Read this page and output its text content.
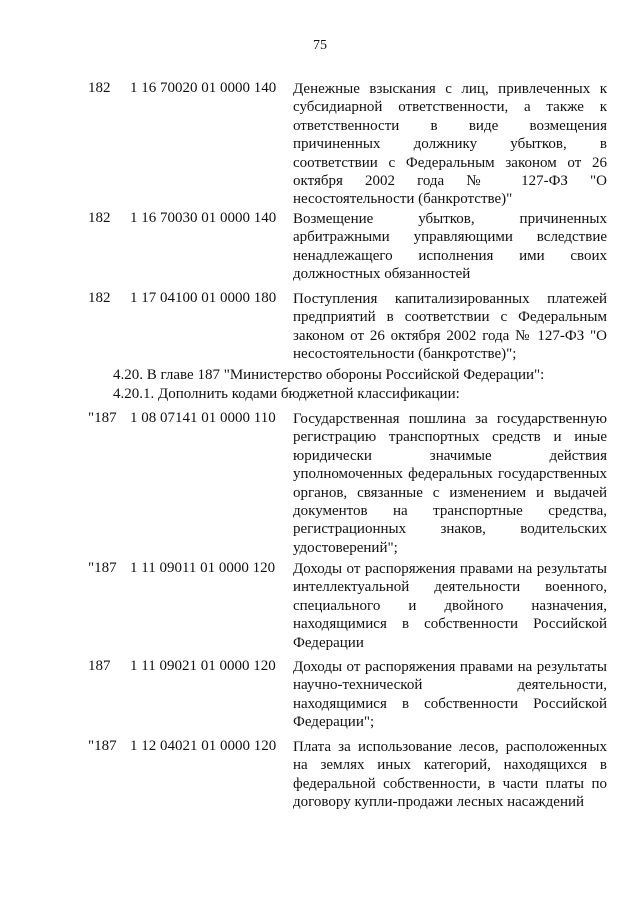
75
182 1 16 70020 01 0000 140 Денежные взыскания с лиц, привлеченных к субсидиарной ответственности, а также к ответственности в виде возмещения причиненных должнику убытков, в соответствии с Федеральным законом от 26 октября 2002 года № 127-ФЗ "О несостоятельности (банкротстве)"
182 1 16 70030 01 0000 140 Возмещение убытков, причиненных арбитражными управляющими вследствие ненадлежащего исполнения ими своих должностных обязанностей
182 1 17 04100 01 0000 180 Поступления капитализированных платежей предприятий в соответствии с Федеральным законом от 26 октября 2002 года № 127-ФЗ "О несостоятельности (банкротстве)";
4.20. В главе 187 "Министерство обороны Российской Федерации":
4.20.1. Дополнить кодами бюджетной классификации:
"187 1 08 07141 01 0000 110 Государственная пошлина за государственную регистрацию транспортных средств и иные юридически значимые действия уполномоченных федеральных государственных органов, связанные с изменением и выдачей документов на транспортные средства, регистрационных знаков, водительских удостоверений";
"187 1 11 09011 01 0000 120 Доходы от распоряжения правами на результаты интеллектуальной деятельности военного, специального и двойного назначения, находящимися в собственности Российской Федерации
187 1 11 09021 01 0000 120 Доходы от распоряжения правами на результаты научно-технической деятельности, находящимися в собственности Российской Федерации";
"187 1 12 04021 01 0000 120 Плата за использование лесов, расположенных на землях иных категорий, находящихся в федеральной собственности, в части платы по договору купли-продажи лесных насаждений
